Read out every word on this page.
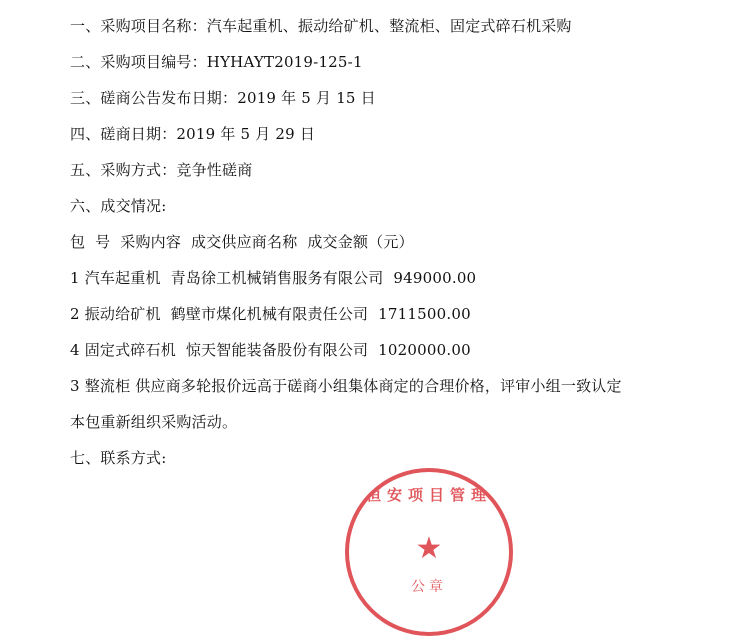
一、采购项目名称：汽车起重机、振动给矿机、整流柜、固定式碎石机采购
二、采购项目编号：HYHAYT2019-125-1
三、磋商公告发布日期：2019 年 5 月 15 日
四、磋商日期：2019 年 5 月 29 日
五、采购方式：竞争性磋商
六、成交情况:
包  号  采购内容  成交供应商名称  成交金额（元）
1 汽车起重机  青岛徐工机械销售服务有限公司  949000.00
2 振动给矿机  鹤壁市煤化机械有限责任公司  1711500.00
4 固定式碎石机  惊天智能装备股份有限公司  1020000.00
3 整流柜 供应商多轮报价远高于磋商小组集体商定的合理价格，评审小组一致认定本包重新组织采购活动。
七、联系方式:
恒安项目管理
★
公章
